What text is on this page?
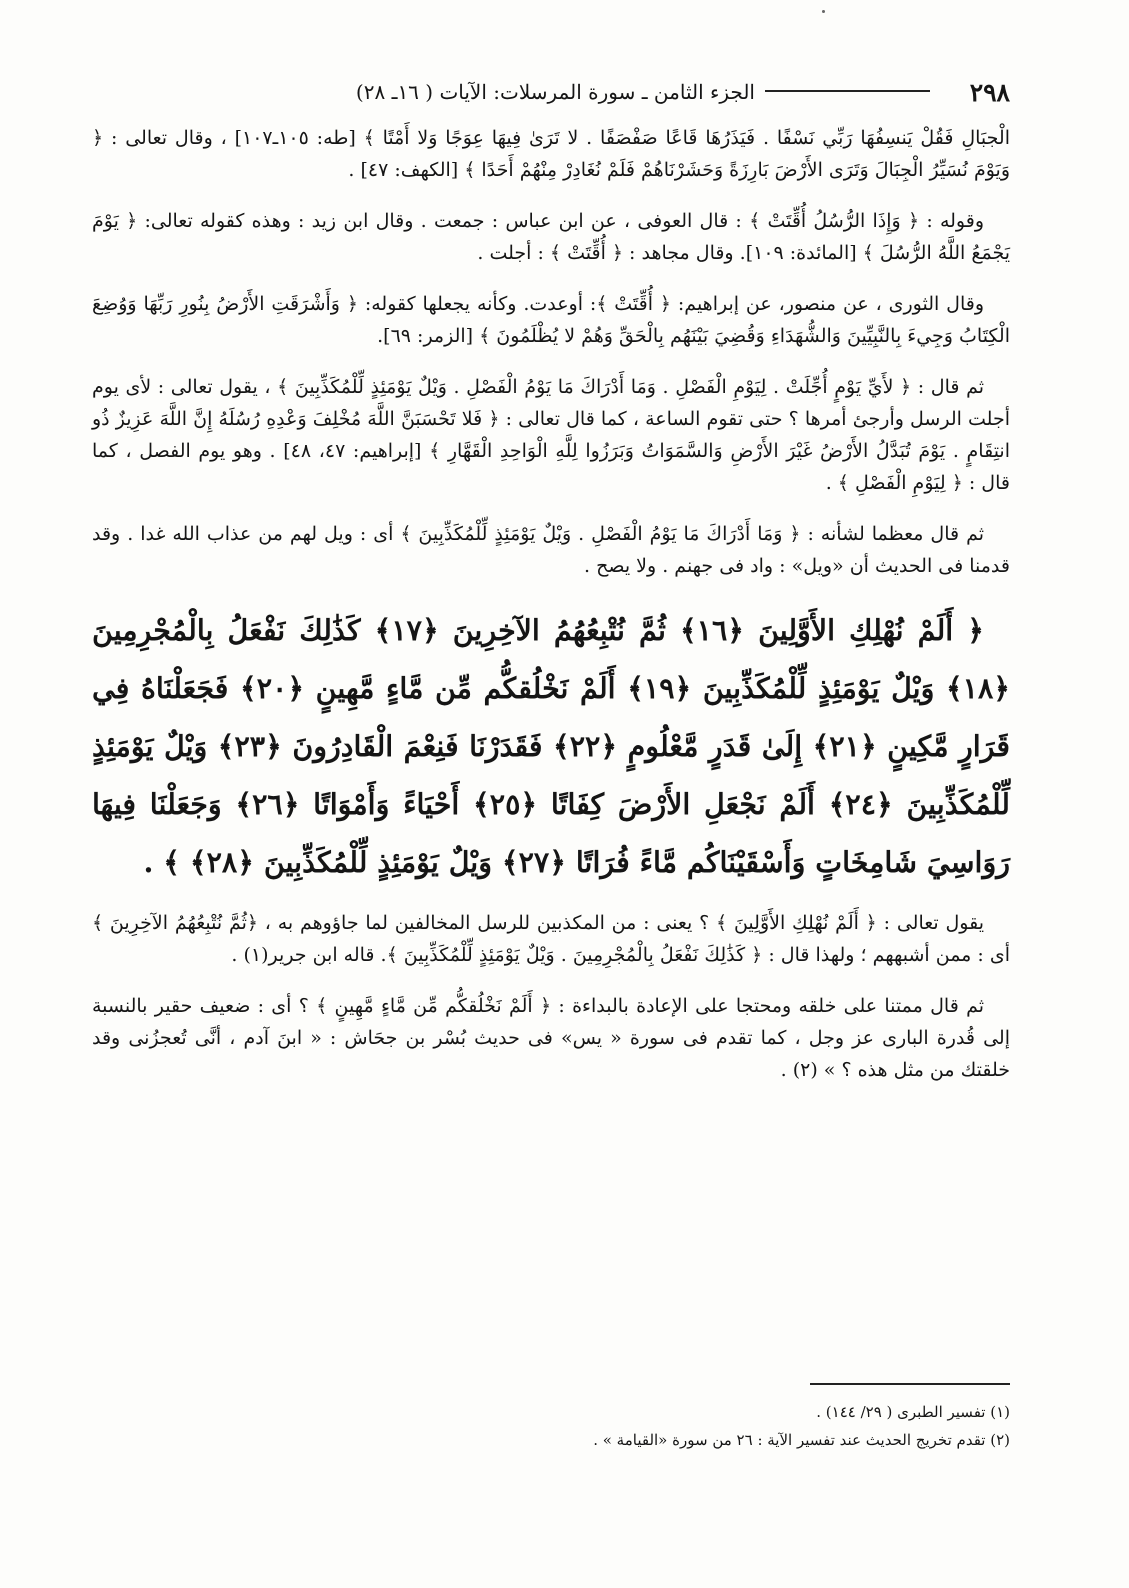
٢٩٨
الجزء الثامن ـ سورة المرسلات: الآيات ( ١٦ـ ٢٨)

الْجبَالِ فَقُلْ يَنسِفُهَا رَبِّي نَسْفًا . فَيَذَرُهَا قَاعًا صَفْصَفًا . لا تَرَىٰ فِيهَا عِوَجًا وَلا أَمْتًا ﴾ [طه: ١٠٥ـ١٠٧] ، وقال تعالى : ﴿ وَيَوْمَ نُسَيِّرُ الْجِبَالَ وَتَرَى الأَرْضَ بَارِزَةً وَحَشَرْنَاهُمْ فَلَمْ نُغَادِرْ مِنْهُمْ أَحَدًا ﴾ [الكهف: ٤٧] .

وقوله : ﴿ وَإِذَا الرُّسُلُ أُقِّتَتْ ﴾ : قال العوفى ، عن ابن عباس : جمعت . وقال ابن زيد : وهذه كقوله تعالى: ﴿ يَوْمَ يَجْمَعُ اللَّهُ الرُّسُلَ ﴾ [المائدة: ١٠٩]. وقال مجاهد : ﴿ أُقِّتَتْ ﴾ : أجلت .

وقال الثورى ، عن منصور، عن إبراهيم: ﴿ أُقِّتَتْ ﴾: أوعدت. وكأنه يجعلها كقوله: ﴿ وَأَشْرَقَتِ الأَرْضُ بِنُورِ رَبِّهَا وَوُضِعَ الْكِتَابُ وَجِيءَ بِالنَّبِيِّينَ وَالشُّهَدَاءِ وَقُضِيَ بَيْنَهُم بِالْحَقِّ وَهُمْ لا يُظْلَمُونَ ﴾ [الزمر: ٦٩].

ثم قال : ﴿ لأَيِّ يَوْمٍ أُجِّلَتْ . لِيَوْمِ الْفَصْلِ . وَمَا أَدْرَاكَ مَا يَوْمُ الْفَصْلِ . وَيْلٌ يَوْمَئِذٍ لِّلْمُكَذِّبِينَ ﴾ ، يقول تعالى : لأى يوم أجلت الرسل وأرجئ أمرها ؟ حتى تقوم الساعة ، كما قال تعالى : ﴿ فَلا تَحْسَبَنَّ اللَّهَ مُخْلِفَ وَعْدِهِ رُسُلَهُ إِنَّ اللَّهَ عَزِيزٌ ذُو انتِقَامٍ . يَوْمَ تُبَدَّلُ الأَرْضُ غَيْرَ الأَرْضِ وَالسَّمَوَاتُ وَبَرَزُوا لِلَّهِ الْوَاحِدِ الْقَهَّارِ ﴾ [إبراهيم: ٤٧، ٤٨] . وهو يوم الفصل ، كما قال : ﴿ لِيَوْمِ الْفَصْلِ ﴾ .

ثم قال معظما لشأنه : ﴿ وَمَا أَدْرَاكَ مَا يَوْمُ الْفَصْلِ . وَيْلٌ يَوْمَئِذٍ لِّلْمُكَذِّبِينَ ﴾ أى : ويل لهم من عذاب الله غدا . وقد قدمنا فى الحديث أن «ويل» : واد فى جهنم . ولا يصح .

﴿ أَلَمْ نُهْلِكِ الأَوَّلِينَ ﴿١٦﴾ ثُمَّ نُتْبِعُهُمُ الآخِرِينَ ﴿١٧﴾ كَذَٰلِكَ نَفْعَلُ بِالْمُجْرِمِينَ ﴿١٨﴾ وَيْلٌ يَوْمَئِذٍ لِّلْمُكَذِّبِينَ ﴿١٩﴾ أَلَمْ نَخْلُقكُّم مِّن مَّاءٍ مَّهِينٍ ﴿٢٠﴾ فَجَعَلْنَاهُ فِي قَرَارٍ مَّكِينٍ ﴿٢١﴾ إِلَىٰ قَدَرٍ مَّعْلُومٍ ﴿٢٢﴾ فَقَدَرْنَا فَنِعْمَ الْقَادِرُونَ ﴿٢٣﴾ وَيْلٌ يَوْمَئِذٍ لِّلْمُكَذِّبِينَ ﴿٢٤﴾ أَلَمْ نَجْعَلِ الأَرْضَ كِفَاتًا ﴿٢٥﴾ أَحْيَاءً وَأَمْوَاتًا ﴿٢٦﴾ وَجَعَلْنَا فِيهَا رَوَاسِيَ شَامِخَاتٍ وَأَسْقَيْنَاكُم مَّاءً فُرَاتًا ﴿٢٧﴾ وَيْلٌ يَوْمَئِذٍ لِّلْمُكَذِّبِينَ ﴿٢٨﴾ ﴾ .

يقول تعالى : ﴿ أَلَمْ نُهْلِكِ الأَوَّلِينَ ﴾ ؟ يعنى : من المكذبين للرسل المخالفين لما جاؤوهم به ، ﴿ثُمَّ نُتْبِعُهُمُ الآخِرِينَ ﴾ أى : ممن أشبههم ؛ ولهذا قال : ﴿ كَذَٰلِكَ نَفْعَلُ بِالْمُجْرِمِينَ . وَيْلٌ يَوْمَئِذٍ لِّلْمُكَذِّبِينَ ﴾. قاله ابن جرير(١) .

ثم قال ممتنا على خلقه ومحتجا على الإعادة بالبداءة : ﴿ أَلَمْ نَخْلُقكُّم مِّن مَّاءٍ مَّهِينٍ ﴾ ؟ أى : ضعيف حقير بالنسبة إلى قُدرة البارى عز وجل ، كما تقدم فى سورة « يس» فى حديث بُسْر بن جحَاش : « ابنَ آدم ، أنَّى تُعجزُنى وقد خلقتك من مثل هذه ؟ » (٢) .

(١) تفسير الطبرى ( ٢٩/ ١٤٤) .
(٢) تقدم تخريج الحديث عند تفسير الآية : ٢٦ من سورة «القيامة » .
